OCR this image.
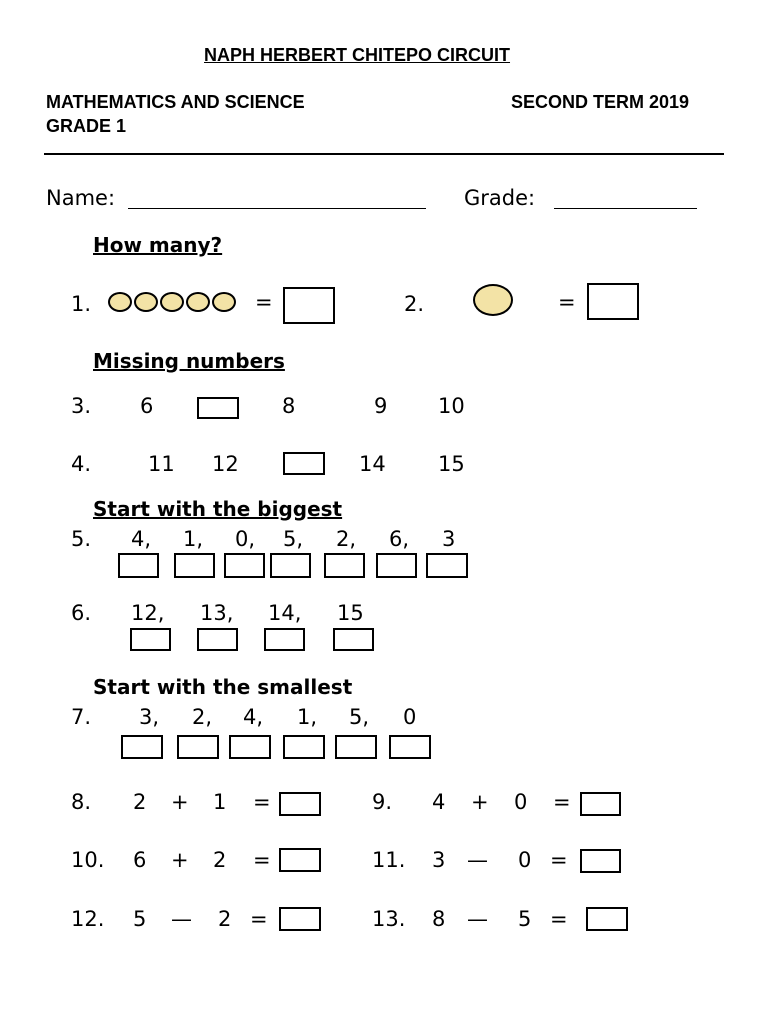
NAPH HERBERT CHITEPO CIRCUIT
MATHEMATICS AND SCIENCE	SECOND TERM 2019
GRADE 1
Name:	Grade:
How many?
1.	=	2.	=
Missing numbers
3. 6	8	9 10
4.	11 12	14 15
Start with the biggest
5. 4, 1, 0, 5, 2, 6, 3
6. 12, 13, 14, 15
Start with the smallest
7. 3, 2, 4, 1, 5, 0
8. 2 + 1 =	9. 4 + 0 =
10. 6 + 2 =	11. 3 — 0 =
12. 5 — 2 =	13. 8 — 5 =
